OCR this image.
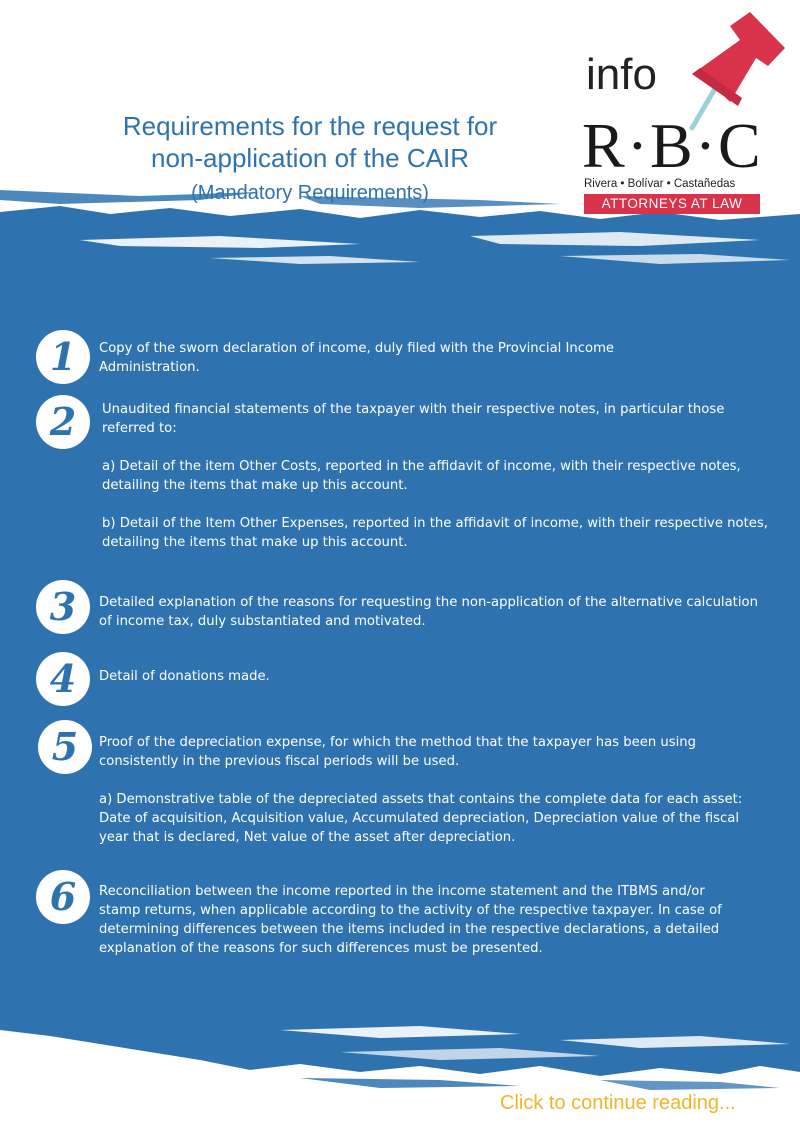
Requirements for the request for
non-application of the CAIR
(Mandatory Requirements)
info
R·B·C
Rivera • Bolívar • Castañedas
ATTORNEYS AT LAW
1	Copy of the sworn declaration of income, duly filed with the Provincial Income Administration.
2	Unaudited financial statements of the taxpayer with their respective notes, in particular those referred to:
a) Detail of the item Other Costs, reported in the affidavit of income, with their respective notes, detailing the items that make up this account.
b) Detail of the Item Other Expenses, reported in the affidavit of income, with their respective notes, detailing the items that make up this account.
3	Detailed explanation of the reasons for requesting the non-application of the alternative calculation of income tax, duly substantiated and motivated.
4	Detail of donations made.
5	Proof of the depreciation expense, for which the method that the taxpayer has been using consistently in the previous fiscal periods will be used.
a) Demonstrative table of the depreciated assets that contains the complete data for each asset: Date of acquisition, Acquisition value, Accumulated depreciation, Depreciation value of the fiscal year that is declared, Net value of the asset after depreciation.
6	Reconciliation between the income reported in the income statement and the ITBMS and/or stamp returns, when applicable according to the activity of the respective taxpayer. In case of determining differences between the items included in the respective declarations, a detailed explanation of the reasons for such differences must be presented.
Click to continue reading...
